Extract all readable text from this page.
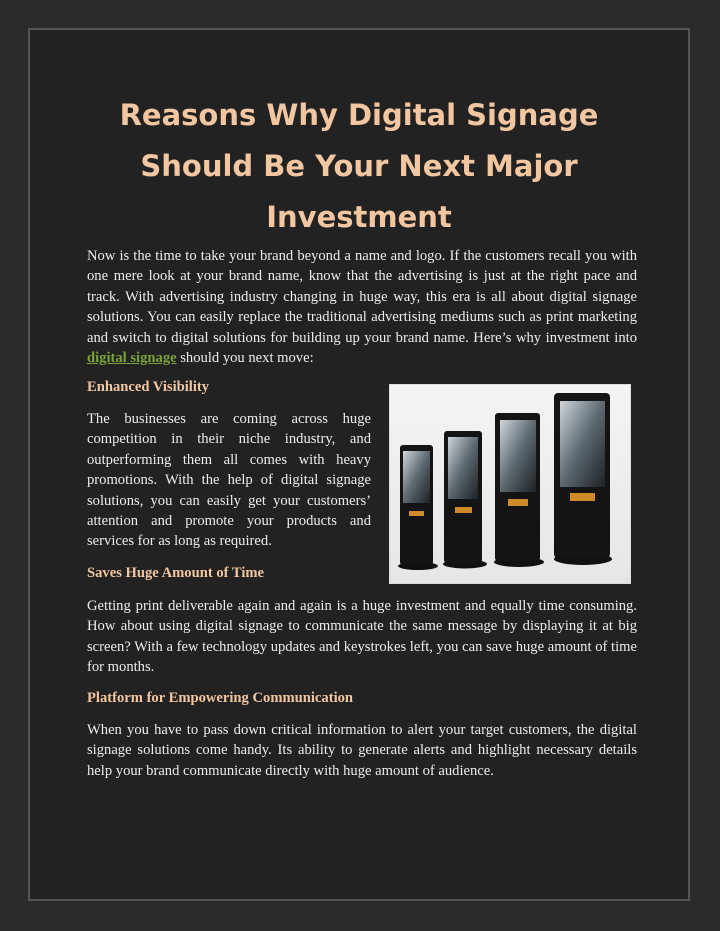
Reasons Why Digital Signage
Should Be Your Next Major
Investment
Now is the time to take your brand beyond a name and logo. If the customers recall you with one mere look at your brand name, know that the advertising is just at the right pace and track. With advertising industry changing in huge way, this era is all about digital signage solutions. You can easily replace the traditional advertising mediums such as print marketing and switch to digital solutions for building up your brand name. Here’s why investment into digital signage should you next move:
Enhanced Visibility
The businesses are coming across huge competition in their niche industry, and outperforming them all comes with heavy promotions. With the help of digital signage solutions, you can easily get your customers’ attention and promote your products and services for as long as required.
Saves Huge Amount of Time
Getting print deliverable again and again is a huge investment and equally time consuming. How about using digital signage to communicate the same message by displaying it at big screen? With a few technology updates and keystrokes left, you can save huge amount of time for months.
Platform for Empowering Communication
When you have to pass down critical information to alert your target customers, the digital signage solutions come handy. Its ability to generate alerts and highlight necessary details help your brand communicate directly with huge amount of audience.
